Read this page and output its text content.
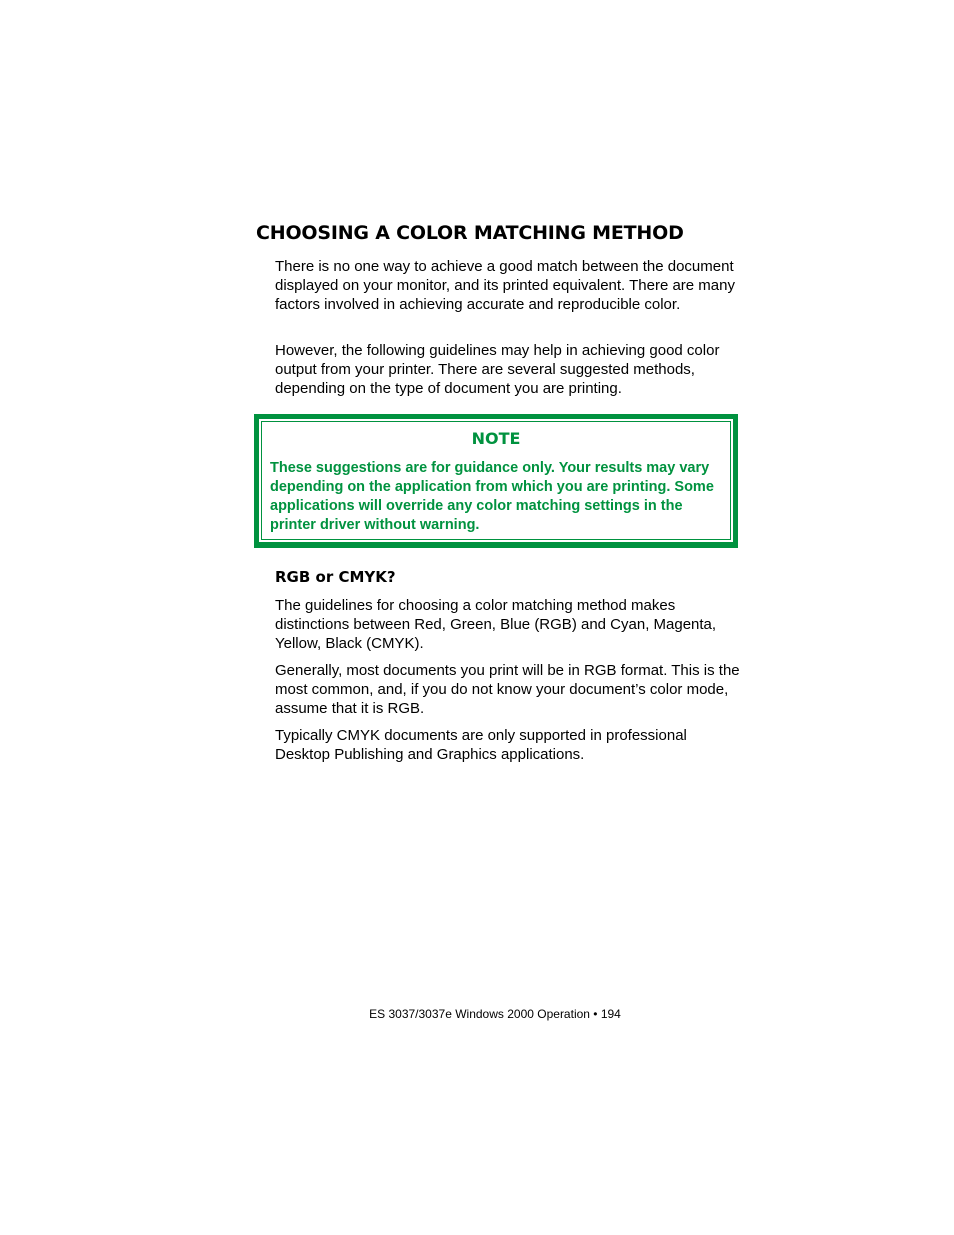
CHOOSING A COLOR MATCHING METHOD

There is no one way to achieve a good match between the document displayed on your monitor, and its printed equivalent. There are many factors involved in achieving accurate and reproducible color.

However, the following guidelines may help in achieving good color output from your printer. There are several suggested methods, depending on the type of document you are printing.

NOTE

These suggestions are for guidance only. Your results may vary depending on the application from which you are printing. Some applications will override any color matching settings in the printer driver without warning.

RGB or CMYK?

The guidelines for choosing a color matching method makes distinctions between Red, Green, Blue (RGB) and Cyan, Magenta, Yellow, Black (CMYK).

Generally, most documents you print will be in RGB format. This is the most common, and, if you do not know your document’s color mode, assume that it is RGB.

Typically CMYK documents are only supported in professional Desktop Publishing and Graphics applications.

ES 3037/3037e Windows 2000 Operation • 194
